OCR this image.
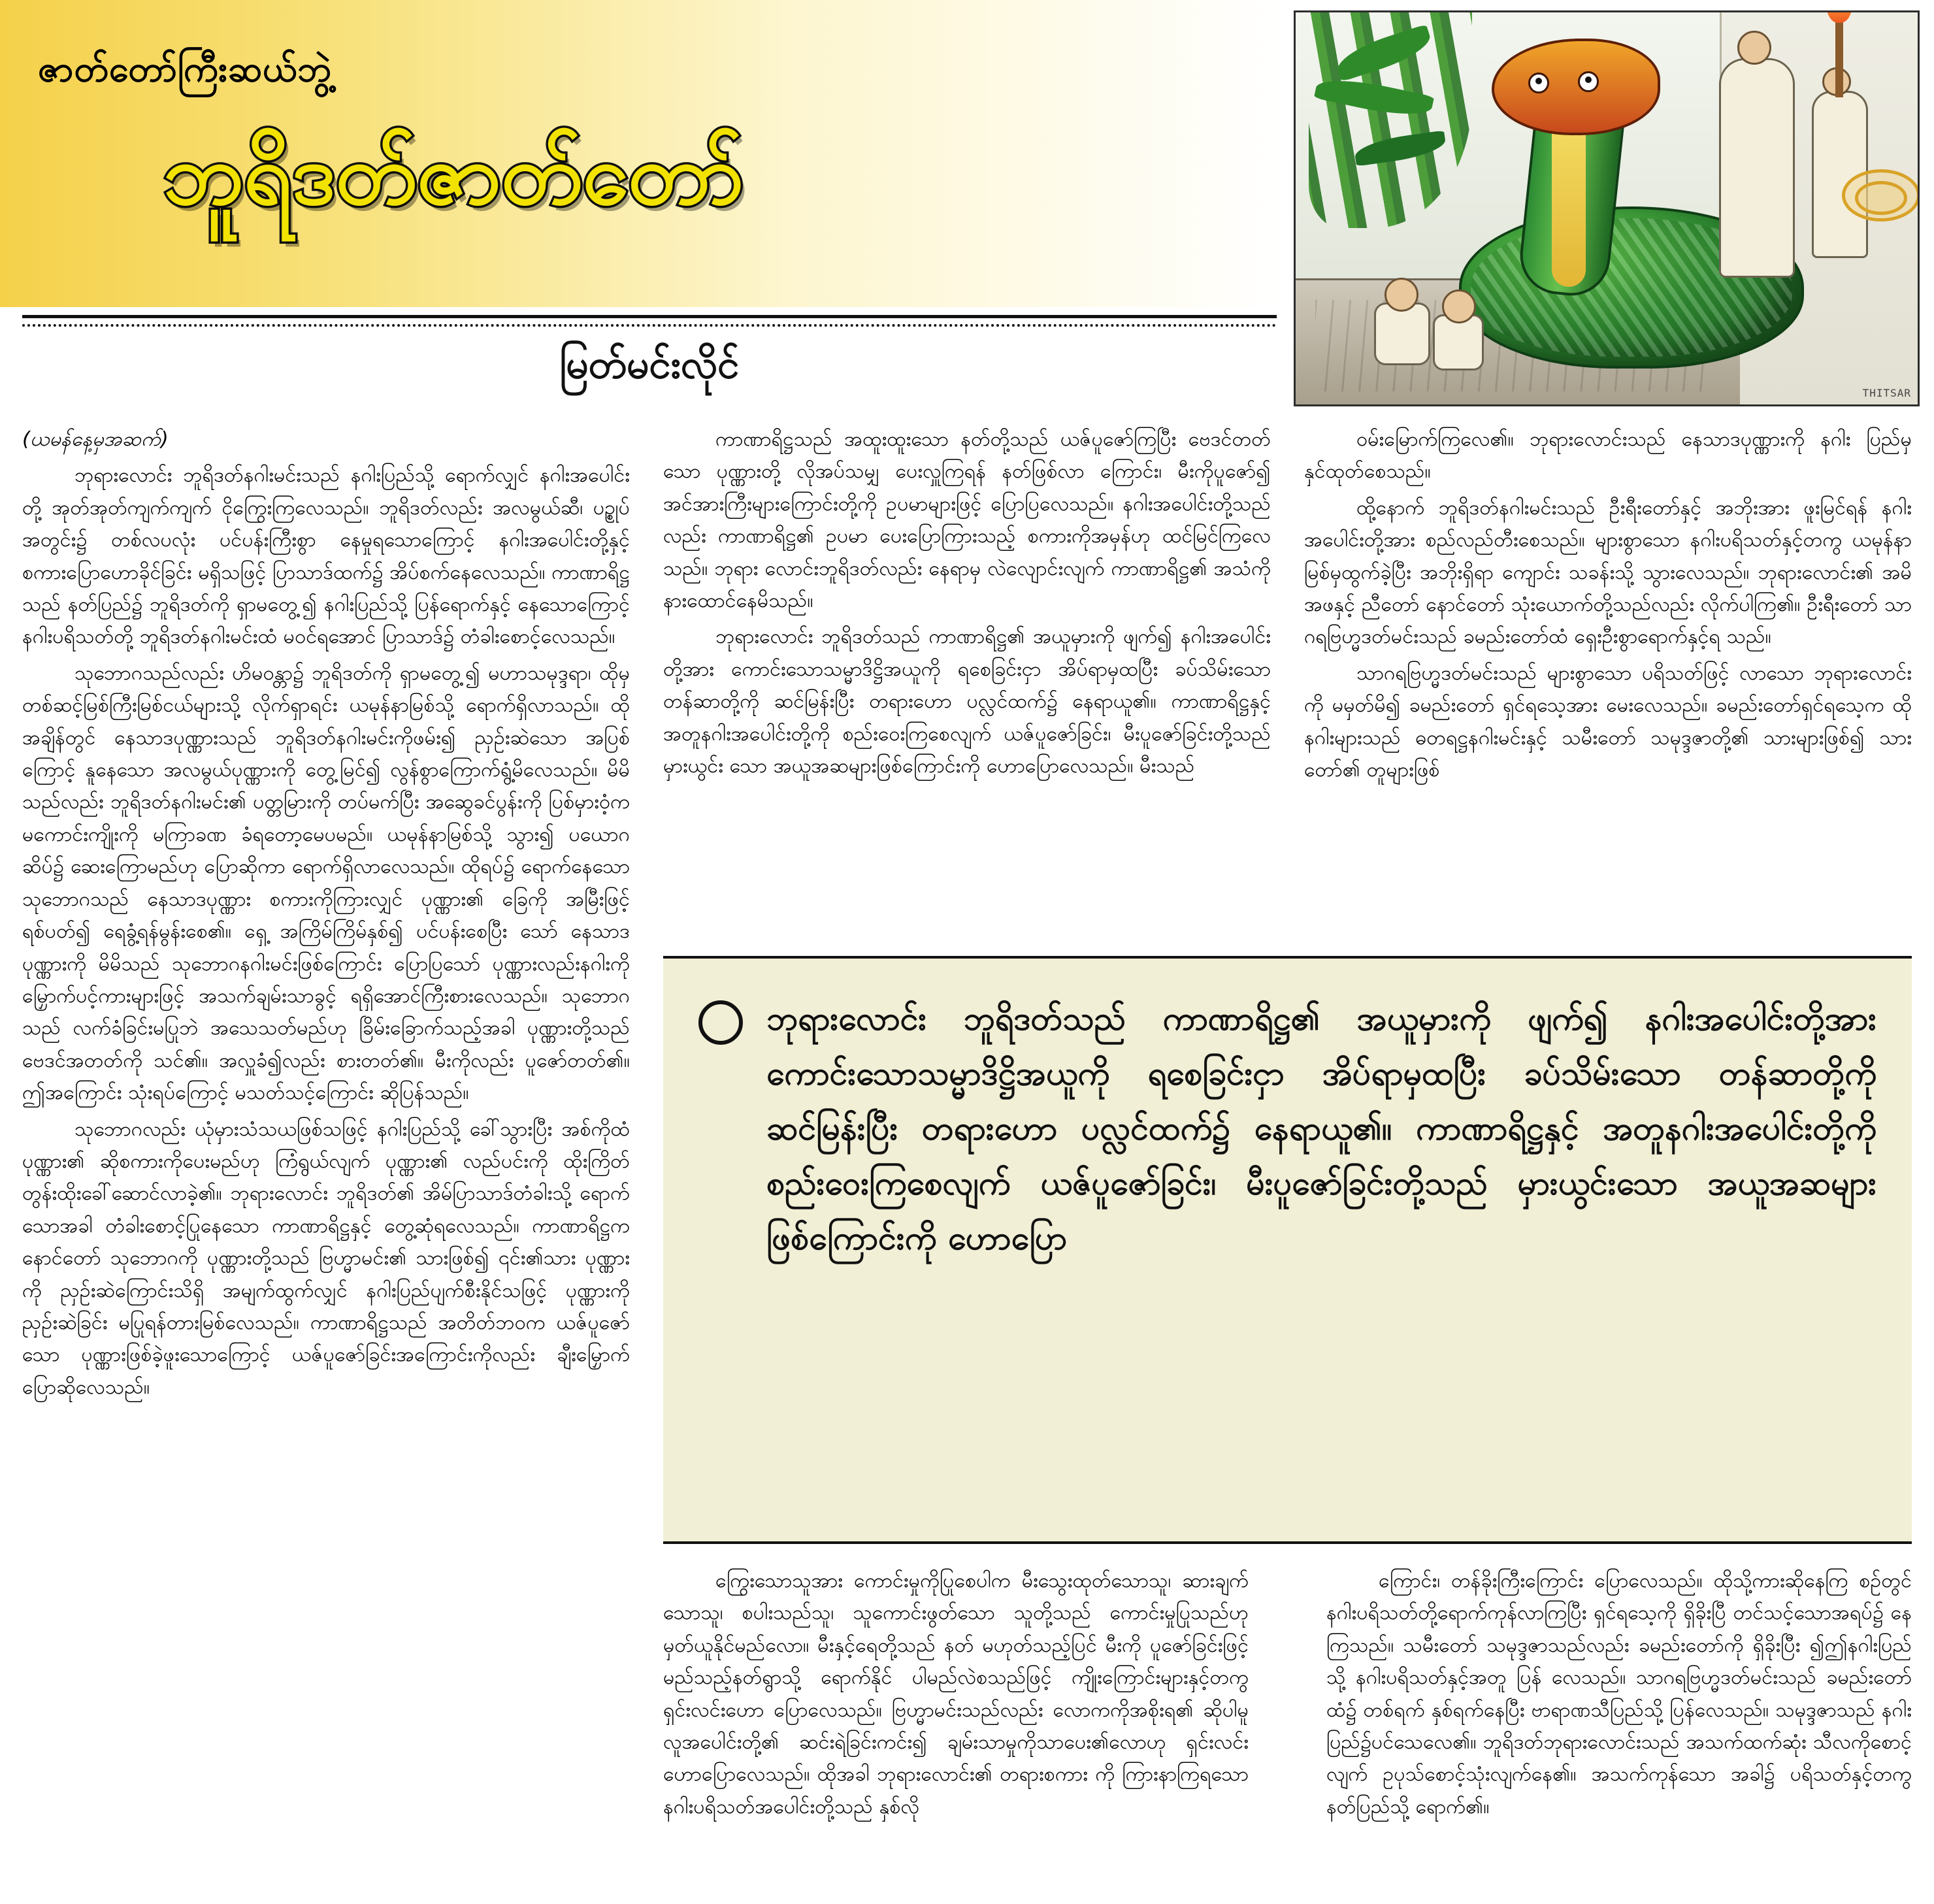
ဇာတ်တော်ကြီးဆယ်ဘွဲ့
ဘူရိဒတ်ဇာတ်တော်
THITSAR
မြတ်မင်းလိုင်

(ယမန်နေ့မှအဆက်)

ဘုရားလောင်း ဘူရိဒတ်နဂါးမင်းသည် နဂါးပြည်သို့ ရောက်လျှင် နဂါးအပေါင်းတို့ အုတ်အုတ်ကျက်ကျက် ငိုကြွေးကြလေသည်။ ဘူရိဒတ်လည်း အလမွယ်ဆီ၊ ပဉ္စုပ်အတွင်း၌ တစ်လပလုံး ပင်ပန်းကြီးစွာ နေမှုရသောကြောင့် နဂါးအပေါင်းတို့နှင့် စကားပြောဟောခိုင်ခြင်း မရှိသဖြင့် ပြာသာဒ်ထက်၌ အိပ်စက်နေလေသည်။ ကာဏာရိဋ္ဌ သည် နတ်ပြည်၌ ဘူရိဒတ်ကို ရှာမတွေ့၍ နဂါးပြည်သို့ ပြန်ရောက်နှင့် နေသောကြောင့် နဂါးပရိသတ်တို့ ဘူရိဒတ်နဂါးမင်းထံ မဝင်ရအောင် ပြာသာဒ်၌ တံခါးစောင့်လေသည်။

သုဘောဂသည်လည်း ဟိမဝန္တာ၌ ဘူရိဒတ်ကို ရှာမတွေ့၍ မဟာသမုဒ္ဒရာ၊ ထိုမှတစ်ဆင့်မြစ်ကြီးမြစ်ငယ်များသို့ လိုက်ရှာရင်း ယမုန်နာမြစ်သို့ ရောက်ရှိလာသည်။ ထိုအချိန်တွင် နေသာဒပုဏ္ဏားသည် ဘူရိဒတ်နဂါးမင်းကိုဖမ်း၍ ညှဉ်းဆဲသော အပြစ်ကြောင့် နူနေသော အလမွယ်ပုဏ္ဏားကို တွေ့မြင်၍ လွန်စွာကြောက်ရွံ့မိလေသည်။ မိမိသည်လည်း ဘူရိဒတ်နဂါးမင်း၏ ပတ္တမြားကို တပ်မက်ပြီး အဆွေခင်ပွန်းကို ပြစ်မှားဝံ့က မကောင်းကျိုးကို မကြာခဏ ခံရတော့မေပမည်။ ယမုန်နာမြစ်သို့ သွား၍ ပယောဂဆိပ်၌ ဆေးကြောမည်ဟု ပြောဆိုကာ ရောက်ရှိလာလေသည်။ ထိုရပ်၌ ရောက်နေသော သုဘောဂသည် နေသာဒပုဏ္ဏား စကားကိုကြားလျှင် ပုဏ္ဏား၏ ခြေကို အမြီးဖြင့် ရစ်ပတ်၍ ရေခွံ့ရန်မွန်းစေ၏။ ရှေ့ အကြိမ်ကြိမ်နှစ်၍ ပင်ပန်းစေပြီး သော် နေသာဒပုဏ္ဏားကို မိမိသည် သုဘောဂနဂါးမင်းဖြစ်ကြောင်း ပြောပြသော် ပုဏ္ဏားလည်းနဂါးကို မြှောက်ပင့်ကားများဖြင့် အသက်ချမ်းသာခွင့် ရရှိအောင်ကြီးစားလေသည်။ သုဘောဂသည် လက်ခံခြင်းမပြုဘဲ အသေသတ်မည်ဟု ခြိမ်းခြောက်သည့်အခါ ပုဏ္ဏားတို့သည် ဗေဒင်အတတ်ကို သင်၏။ အလှူခံ၍လည်း စားတတ်၏။ မီးကိုလည်း ပူဇော်တတ်၏။ ဤအကြောင်း သုံးရပ်ကြောင့် မသတ်သင့်ကြောင်း ဆိုပြန်သည်။

သုဘောဂလည်း ယုံမှားသံသယဖြစ်သဖြင့် နဂါးပြည်သို့ ခေါ်သွားပြီး အစ်ကိုထံ ပုဏ္ဏား၏ ဆိုစကားကိုပေးမည်ဟု ကြံရွယ်လျက် ပုဏ္ဏား၏ လည်ပင်းကို ထိုးကြိတ်တွန်းထိုးခေါ်ဆောင်လာခဲ့၏။ ဘုရားလောင်း ဘူရိဒတ်၏ အိမ်ပြာသာဒ်တံခါးသို့ ရောက်သောအခါ တံခါးစောင့်ပြုနေသော ကာဏာရိဋ္ဌနှင့် တွေ့ဆုံရလေသည်။ ကာဏာရိဋ္ဌက နောင်တော် သုဘောဂကို ပုဏ္ဏားတို့သည် ဗြဟ္မာမင်း၏ သားဖြစ်၍ ၎င်း၏သား ပုဏ္ဏားကို ညှဉ်းဆဲကြောင်းသိရှိ အမျက်ထွက်လျှင် နဂါးပြည်ပျက်စီးနိုင်သဖြင့် ပုဏ္ဏားကို ညှဉ်းဆဲခြင်း မပြုရန်တားမြစ်လေသည်။ ကာဏာရိဋ္ဌသည် အတိတ်ဘဝက ယဇ်ပူဇော်သော ပုဏ္ဏားဖြစ်ခဲ့ဖူးသောကြောင့် ယဇ်ပူဇော်ခြင်းအကြောင်းကိုလည်း ချီးမြှောက်ပြောဆိုလေသည်။

ကာဏာရိဋ္ဌသည် အထူးထူးသော နတ်တို့သည် ယဇ်ပူဇော်ကြပြီး ဗေဒင်တတ်သော ပုဏ္ဏားတို့ လိုအပ်သမျှ ပေးလှူကြရန် နတ်ဖြစ်လာ ကြောင်း၊ မီးကိုပူဇော်၍ အင်အားကြီးများကြောင်းတို့ကို ဥပမာများဖြင့် ပြောပြလေသည်။ နဂါးအပေါင်းတို့သည်လည်း ကာဏာရိဋ္ဌ၏ ဥပမာ ပေးပြောကြားသည့် စကားကိုအမှန်ဟု ထင်မြင်ကြလေသည်။ ဘုရား လောင်းဘူရိဒတ်လည်း နေရာမှ လဲလျောင်းလျက် ကာဏာရိဋ္ဌ၏ အသံကိုနားထောင်နေမိသည်။

ဘုရားလောင်း ဘူရိဒတ်သည် ကာဏာရိဋ္ဌ၏ အယူမှားကို ဖျက်၍ နဂါးအပေါင်းတို့အား ကောင်းသောသမ္မာဒိဋ္ဌိအယူကို ရစေခြင်းငှာ အိပ်ရာမှထပြီး ခပ်သိမ်းသော တန်ဆာတို့ကို ဆင်မြန်းပြီး တရားဟော ပလ္လင်ထက်၌ နေရာယူ၏။ ကာဏာရိဋ္ဌနှင့် အတူနဂါးအပေါင်းတို့ကို စည်းဝေးကြစေလျက် ယဇ်ပူဇော်ခြင်း၊ မီးပူဇော်ခြင်းတို့သည် မှားယွင်း သော အယူအဆများဖြစ်ကြောင်းကို ဟောပြောလေသည်။ မီးသည်

ဝမ်းမြောက်ကြလေ၏။ ဘုရားလောင်းသည် နေသာဒပုဏ္ဏားကို နဂါး ပြည်မှနှင်ထုတ်စေသည်။

ထို့နောက် ဘူရိဒတ်နဂါးမင်းသည် ဦးရီးတော်နှင့် အဘိုးအား ဖူးမြင်ရန် နဂါးအပေါင်းတို့အား စည်လည်တီးစေသည်။ များစွာသော နဂါးပရိသတ်နှင့်တကွ ယမုန်နာမြစ်မှထွက်ခဲ့ပြီး အဘိုးရှိရာ ကျောင်း သခန်းသို့ သွားလေသည်။ ဘုရားလောင်း၏ အမိအဖနှင့် ညီတော် နောင်တော် သုံးယောက်တို့သည်လည်း လိုက်ပါကြ၏။ ဦးရီးတော် သာဂရဗြဟ္မဒတ်မင်းသည် ခမည်းတော်ထံ ရှေးဦးစွာရောက်နှင့်ရ သည်။

သာဂရဗြဟ္မဒတ်မင်းသည် များစွာသော ပရိသတ်ဖြင့် လာသော ဘုရားလောင်းကို မမှတ်မိ၍ ခမည်းတော် ရှင်ရသေ့အား မေးလေသည်။ ခမည်းတော်ရှင်ရသေ့က ထိုနဂါးများသည် ဓတရဋ္ဌနဂါးမင်းနှင့် သမီးတော် သမုဒ္ဒဇာတို့၏ သားများဖြစ်၍ သားတော်၏ တူများဖြစ်

ဘုရားလောင်း ဘူရိဒတ်သည် ကာဏာရိဋ္ဌ၏ အယူမှားကို ဖျက်၍ နဂါးအပေါင်းတို့အား ကောင်းသောသမ္မာဒိဋ္ဌိအယူကို ရစေခြင်းငှာ အိပ်ရာမှထပြီး ခပ်သိမ်းသော တန်ဆာတို့ကို ဆင်မြန်းပြီး တရားဟော ပလ္လင်ထက်၌ နေရာယူ၏။ ကာဏာရိဋ္ဌနှင့် အတူနဂါးအပေါင်းတို့ကို စည်းဝေးကြစေလျက် ယဇ်ပူဇော်ခြင်း၊ မီးပူဇော်ခြင်းတို့သည် မှားယွင်းသော အယူအဆများဖြစ်ကြောင်းကို ဟောပြော

ကြွေးသောသူအား ကောင်းမှုကိုပြုစေပါက မီးသွေးထုတ်သောသူ၊ ဆားချက်သောသူ၊ စပါးသည်သူ၊ သူကောင်းဖွတ်သော သူတို့သည် ကောင်းမှုပြုသည်ဟု မှတ်ယူနိုင်မည်လော။ မီးနှင့်ရေတို့သည် နတ် မဟုတ်သည့်ပြင် မီးကို ပူဇော်ခြင်းဖြင့် မည်သည့်နတ်ရွာသို့ ရောက်နိုင် ပါမည်လဲစသည်ဖြင့် ကျိုးကြောင်းများနှင့်တကွ ရှင်းလင်းဟော ပြောလေသည်။ ဗြဟ္မာမင်းသည်လည်း လောကကိုအစိုးရ၏ ဆိုပါမူ လူအပေါင်းတို့၏ ဆင်းရဲခြင်းကင်း၍ ချမ်းသာမှုကိုသာပေး၏လောဟု ရှင်းလင်း ဟောပြောလေသည်။ ထိုအခါ ဘုရားလောင်း၏ တရားစကား ကို ကြားနာကြရသော နဂါးပရိသတ်အပေါင်းတို့သည် နှစ်လို

ကြောင်း၊ တန်ခိုးကြီးကြောင်း ပြောလေသည်။ ထိုသို့ကားဆိုနေကြ စဉ်တွင် နဂါးပရိသတ်တို့ရောက်ကုန်လာကြပြီး ရှင်ရသေ့ကို ရှိခိုးပြီ တင်သင့်သောအရပ်၌ နေကြသည်။ သမီးတော် သမုဒ္ဒဇာသည်လည်း ခမည်းတော်ကို ရှိခိုးပြီး ၍ဤနဂါးပြည်သို့ နဂါးပရိသတ်နှင့်အတူ ပြန် လေသည်။ သာဂရဗြဟ္မဒတ်မင်းသည် ခမည်းတော်ထံ၌ တစ်ရက် နှစ်ရက်နေပြီး ဗာရာဏသီပြည်သို့ ပြန်လေသည်။ သမုဒ္ဒဇာသည် နဂါး ပြည်၌ပင်သေလေ၏။ ဘူရိဒတ်ဘုရားလောင်းသည် အသက်ထက်ဆုံး သီလကိုစောင့်လျက် ဥပုသ်စောင့်သုံးလျက်နေ၏။ အသက်ကုန်သော အခါ၌ ပရိသတ်နှင့်တကွ နတ်ပြည်သို့ ရောက်၏။
